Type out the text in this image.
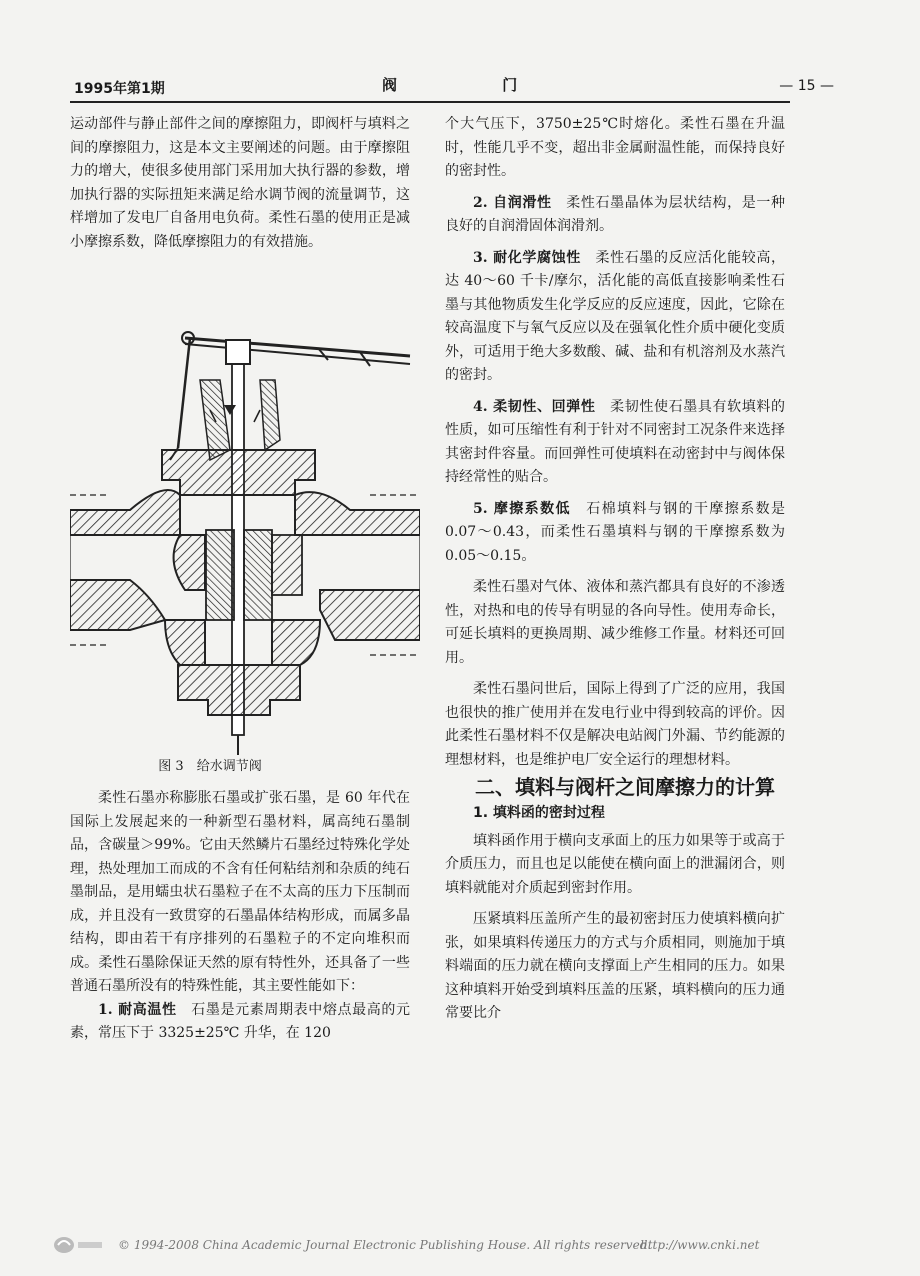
1995年第1期	阀 门	— 15 —

运动部件与静止部件之间的摩擦阻力，即阀杆与填料之间的摩擦阻力，这是本文主要阐述的问题。由于摩擦阻力的增大，使很多使用部门采用加大执行器的参数，增加执行器的实际扭矩来满足给水调节阀的流量调节，这样增加了发电厂自备用电负荷。柔性石墨的使用正是减小摩擦系数，降低摩擦阻力的有效措施。

图 3　给水调节阀

柔性石墨亦称膨胀石墨或扩张石墨，是 60 年代在国际上发展起来的一种新型石墨材料，属高纯石墨制品，含碳量＞99%。它由天然鳞片石墨经过特殊化学处理，热处理加工而成的不含有任何粘结剂和杂质的纯石墨制品，是用蠕虫状石墨粒子在不太高的压力下压制而成，并且没有一致贯穿的石墨晶体结构形成，而属多晶结构，即由若干有序排列的石墨粒子的不定向堆积而成。柔性石墨除保证天然的原有特性外，还具备了一些普通石墨所没有的特殊性能，其主要性能如下：

1. 耐高温性　石墨是元素周期表中熔点最高的元素，常压下于 3325±25℃ 升华，在 120

个大气压下，3750±25℃时熔化。柔性石墨在升温时，性能几乎不变，超出非金属耐温性能，而保持良好的密封性。

2. 自润滑性　柔性石墨晶体为层状结构，是一种良好的自润滑固体润滑剂。

3. 耐化学腐蚀性　柔性石墨的反应活化能较高，达 40～60 千卡/摩尔，活化能的高低直接影响柔性石墨与其他物质发生化学反应的反应速度，因此，它除在较高温度下与氧气反应以及在强氧化性介质中硬化变质外，可适用于绝大多数酸、碱、盐和有机溶剂及水蒸汽的密封。

4. 柔韧性、回弹性　柔韧性使石墨具有软填料的性质，如可压缩性有利于针对不同密封工况条件来选择其密封件容量。而回弹性可使填料在动密封中与阀体保持经常性的贴合。

5. 摩擦系数低　石棉填料与钢的干摩擦系数是 0.07～0.43，而柔性石墨填料与钢的干摩擦系数为 0.05～0.15。

柔性石墨对气体、液体和蒸汽都具有良好的不渗透性，对热和电的传导有明显的各向导性。使用寿命长，可延长填料的更换周期、减少维修工作量。材料还可回用。

柔性石墨问世后，国际上得到了广泛的应用，我国也很快的推广使用并在发电行业中得到较高的评价。因此柔性石墨材料不仅是解决电站阀门外漏、节约能源的理想材料，也是维护电厂安全运行的理想材料。

二、填料与阀杆之间摩擦力的计算

1. 填料函的密封过程

填料函作用于横向支承面上的压力如果等于或高于介质压力，而且也足以能使在横向面上的泄漏闭合，则填料就能对介质起到密封作用。

压紧填料压盖所产生的最初密封压力使填料横向扩张，如果填料传递压力的方式与介质相同，则施加于填料端面的压力就在横向支撑面上产生相同的压力。如果这种填料开始受到填料压盖的压紧，填料横向的压力通常要比介

© 1994-2008 China Academic Journal Electronic Publishing House. All rights reserved.
http://www.cnki.net
